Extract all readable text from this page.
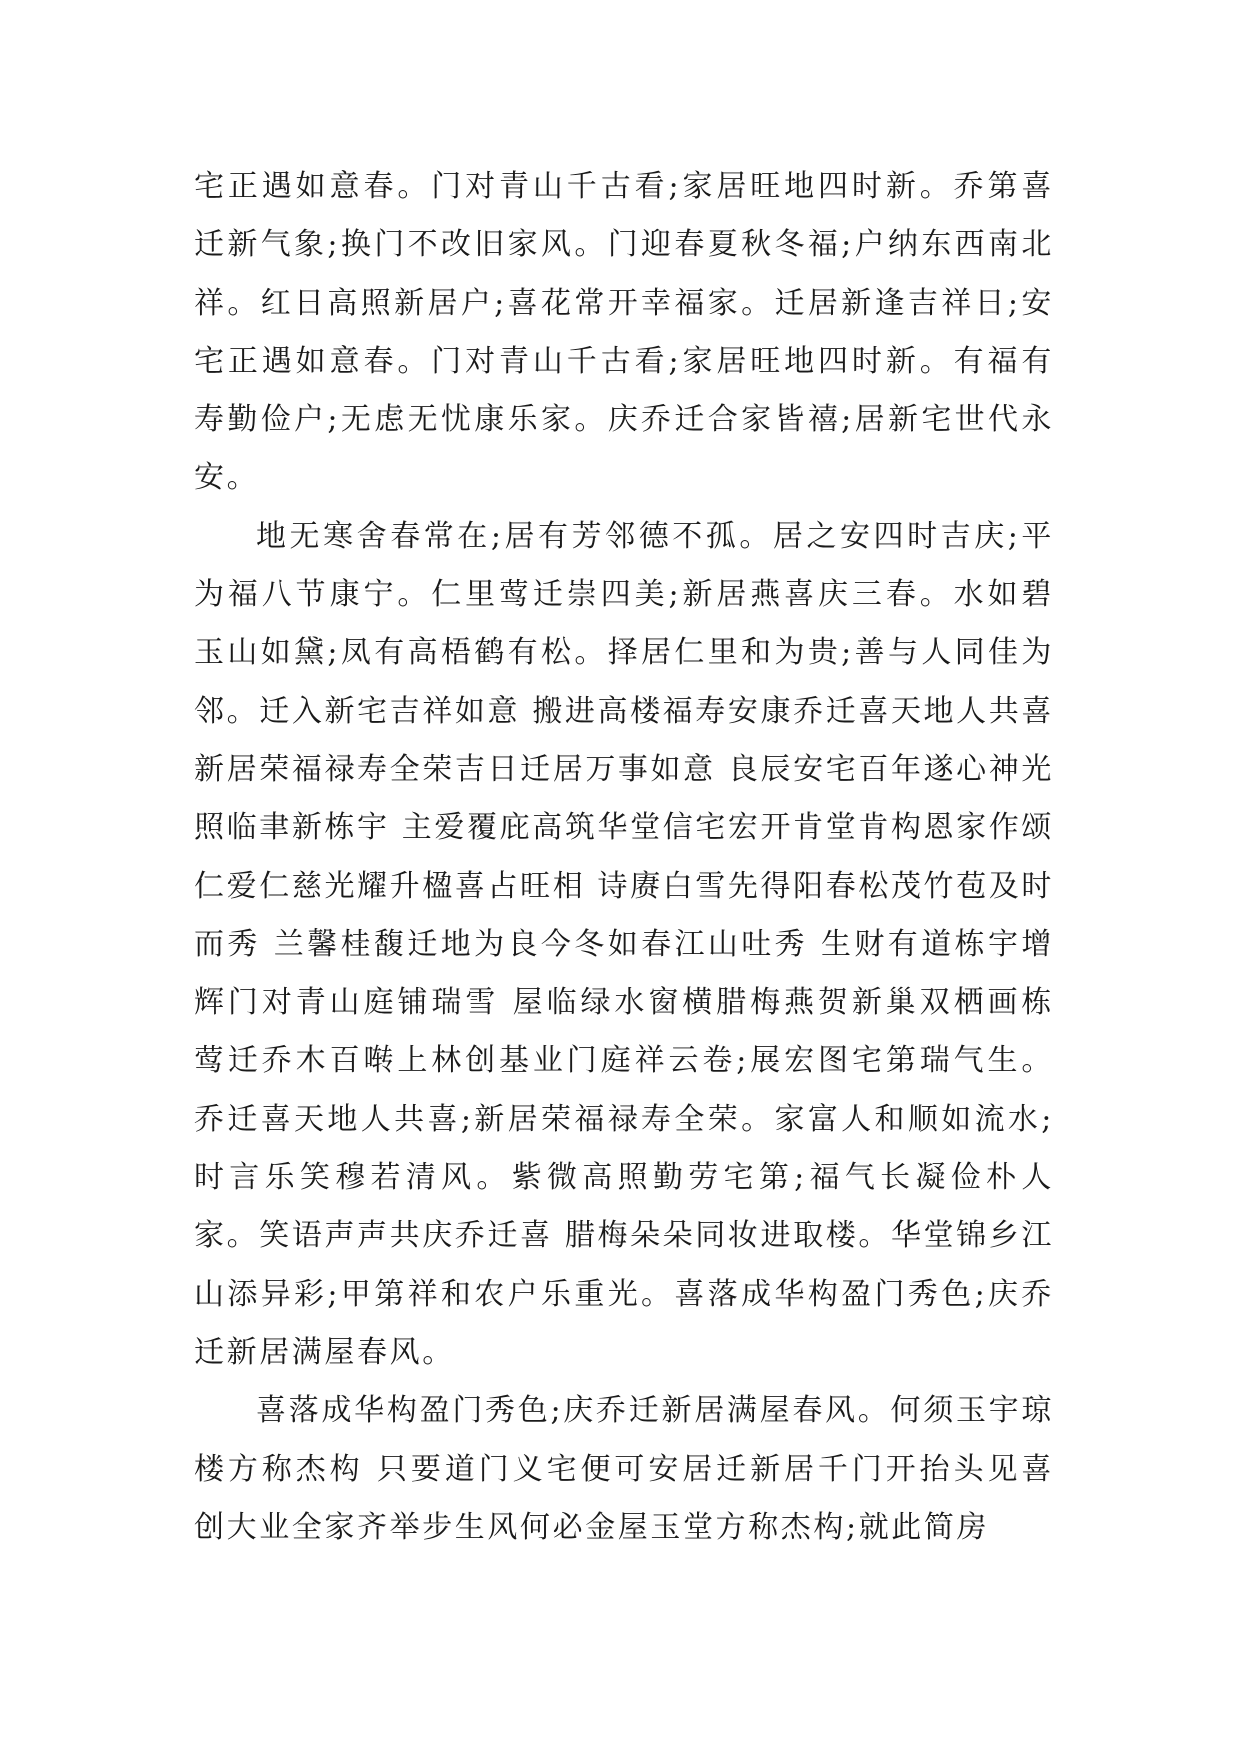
宅正遇如意春。门对青山千古看;家居旺地四时新。乔第喜迁新气象;换门不改旧家风。门迎春夏秋冬福;户纳东西南北祥。红日高照新居户;喜花常开幸福家。迁居新逢吉祥日;安宅正遇如意春。门对青山千古看;家居旺地四时新。有福有寿勤俭户;无虑无忧康乐家。庆乔迁合家皆禧;居新宅世代永安。

地无寒舍春常在;居有芳邻德不孤。居之安四时吉庆;平为福八节康宁。仁里莺迁崇四美;新居燕喜庆三春。水如碧玉山如黛;凤有高梧鹤有松。择居仁里和为贵;善与人同佳为邻。迁入新宅吉祥如意 搬进高楼福寿安康乔迁喜天地人共喜 新居荣福禄寿全荣吉日迁居万事如意 良辰安宅百年遂心神光照临聿新栋宇 主爱覆庇高筑华堂信宅宏开肯堂肯构恩家作颂仁爱仁慈光耀升楹喜占旺相 诗赓白雪先得阳春松茂竹苞及时而秀 兰馨桂馥迁地为良今冬如春江山吐秀 生财有道栋宇增辉门对青山庭铺瑞雪 屋临绿水窗横腊梅燕贺新巢双栖画栋 莺迁乔木百啭上林创基业门庭祥云卷;展宏图宅第瑞气生。乔迁喜天地人共喜;新居荣福禄寿全荣。家富人和顺如流水;时言乐笑穆若清风。紫微高照勤劳宅第;福气长凝俭朴人家。笑语声声共庆乔迁喜 腊梅朵朵同妆进取楼。华堂锦乡江山添异彩;甲第祥和农户乐重光。喜落成华构盈门秀色;庆乔迁新居满屋春风。

喜落成华构盈门秀色;庆乔迁新居满屋春风。何须玉宇琼楼方称杰构 只要道门义宅便可安居迁新居千门开抬头见喜 创大业全家齐举步生风何必金屋玉堂方称杰构;就此简房
